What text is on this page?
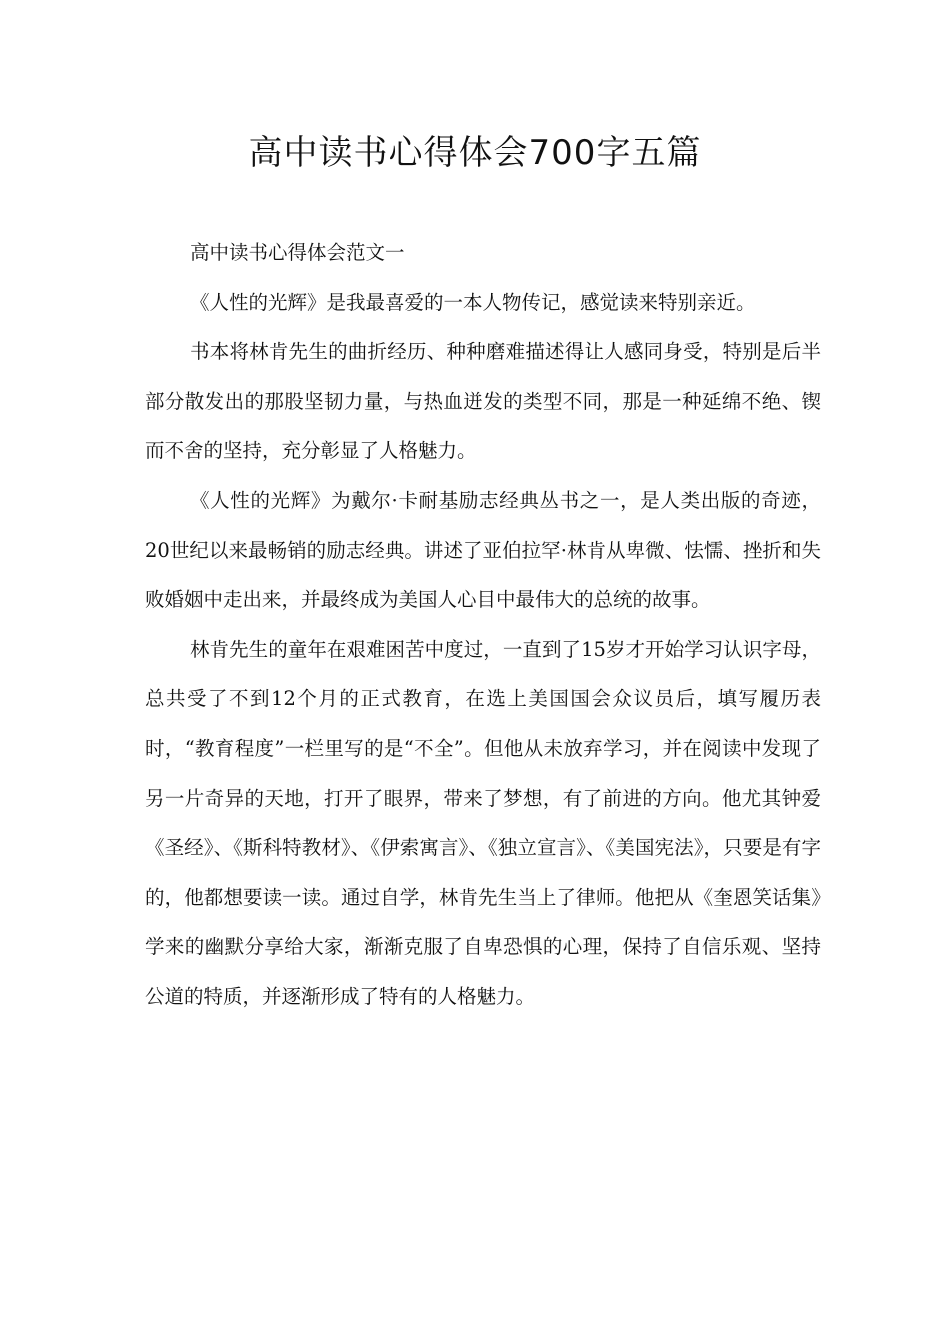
高中读书心得体会700字五篇

高中读书心得体会范文一

《人性的光辉》是我最喜爱的一本人物传记，感觉读来特别亲近。

书本将林肯先生的曲折经历、种种磨难描述得让人感同身受，特别是后半部分散发出的那股坚韧力量，与热血迸发的类型不同，那是一种延绵不绝、锲而不舍的坚持，充分彰显了人格魅力。

《人性的光辉》为戴尔·卡耐基励志经典丛书之一，是人类出版的奇迹，20世纪以来最畅销的励志经典。讲述了亚伯拉罕·林肯从卑微、怯懦、挫折和失败婚姻中走出来，并最终成为美国人心目中最伟大的总统的故事。

林肯先生的童年在艰难困苦中度过，一直到了15岁才开始学习认识字母，总共受了不到12个月的正式教育，在选上美国国会众议员后，填写履历表时，“教育程度”一栏里写的是“不全”。但他从未放弃学习，并在阅读中发现了另一片奇异的天地，打开了眼界，带来了梦想，有了前进的方向。他尤其钟爱《圣经》、《斯科特教材》、《伊索寓言》、《独立宣言》、《美国宪法》，只要是有字的，他都想要读一读。通过自学，林肯先生当上了律师。他把从《奎恩笑话集》学来的幽默分享给大家，渐渐克服了自卑恐惧的心理，保持了自信乐观、坚持公道的特质，并逐渐形成了特有的人格魅力。
